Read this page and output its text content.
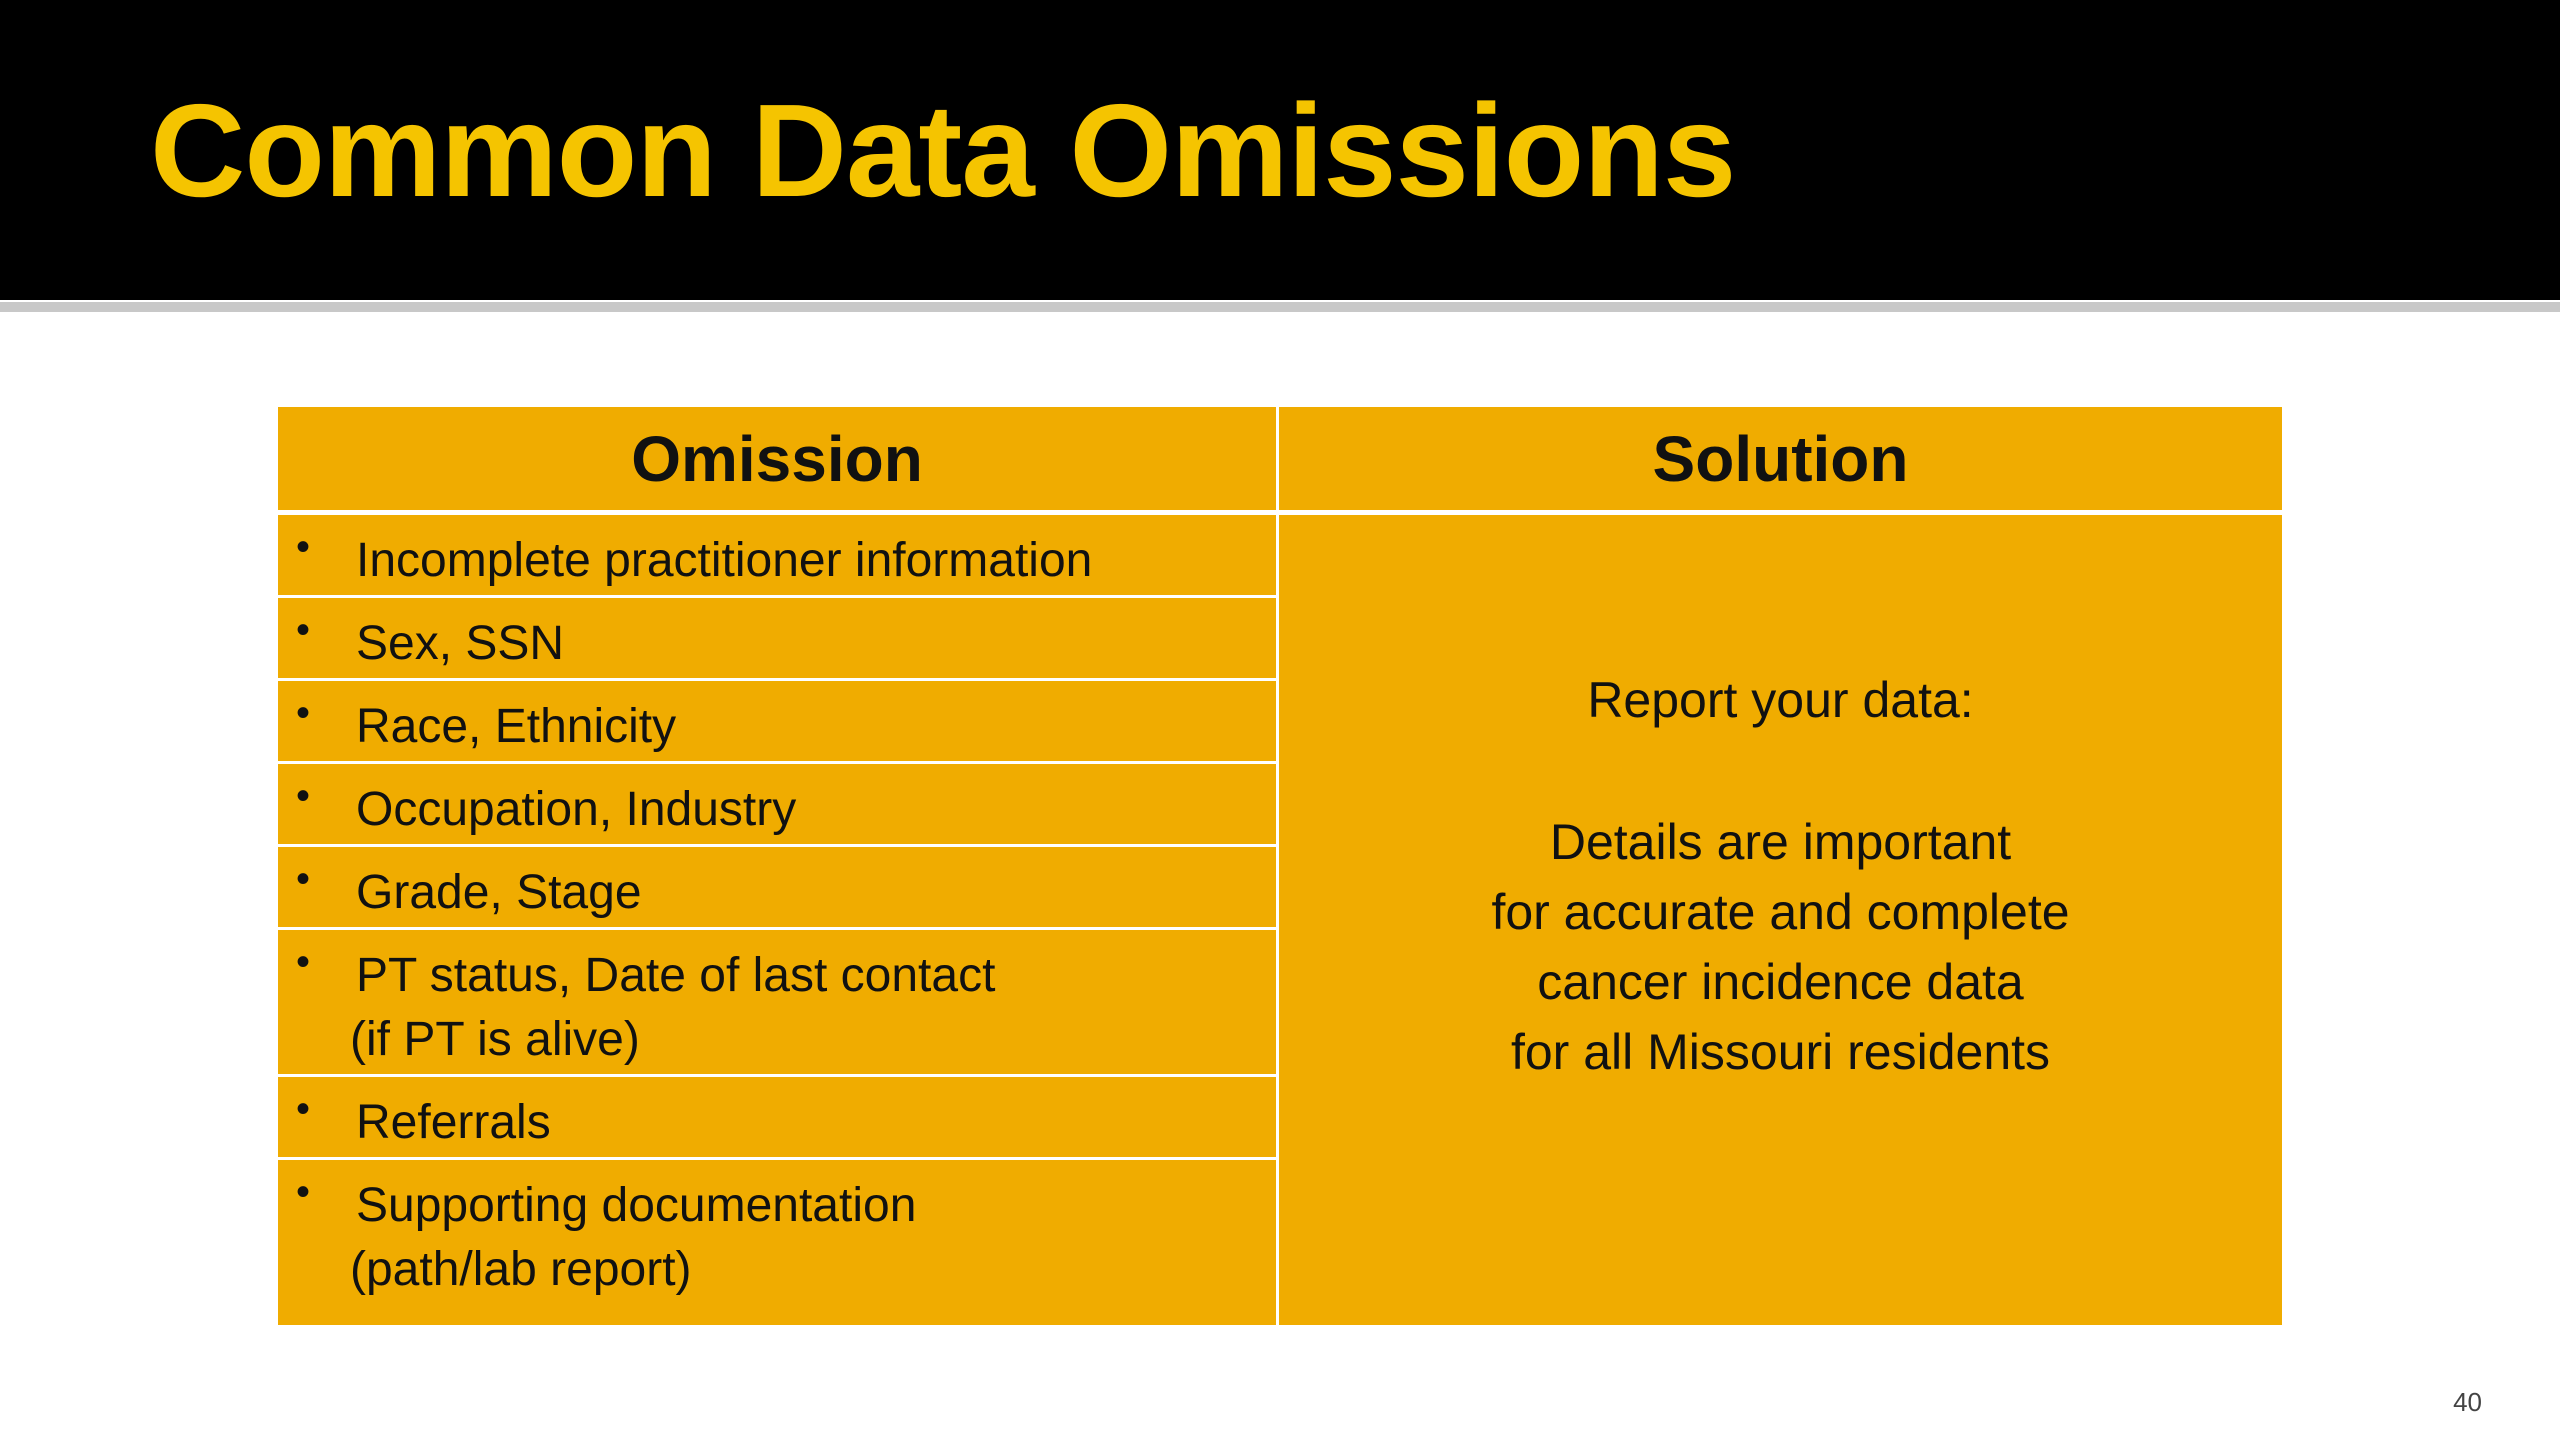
Common Data Omissions
Omission
• Incomplete practitioner information
• Sex, SSN
• Race, Ethnicity
• Occupation, Industry
• Grade, Stage
• PT status, Date of last contact
(if PT is alive)
• Referrals
• Supporting documentation
(path/lab report)
Solution
Report your data:
Details are important
for accurate and complete
cancer incidence data
for all Missouri residents
40
